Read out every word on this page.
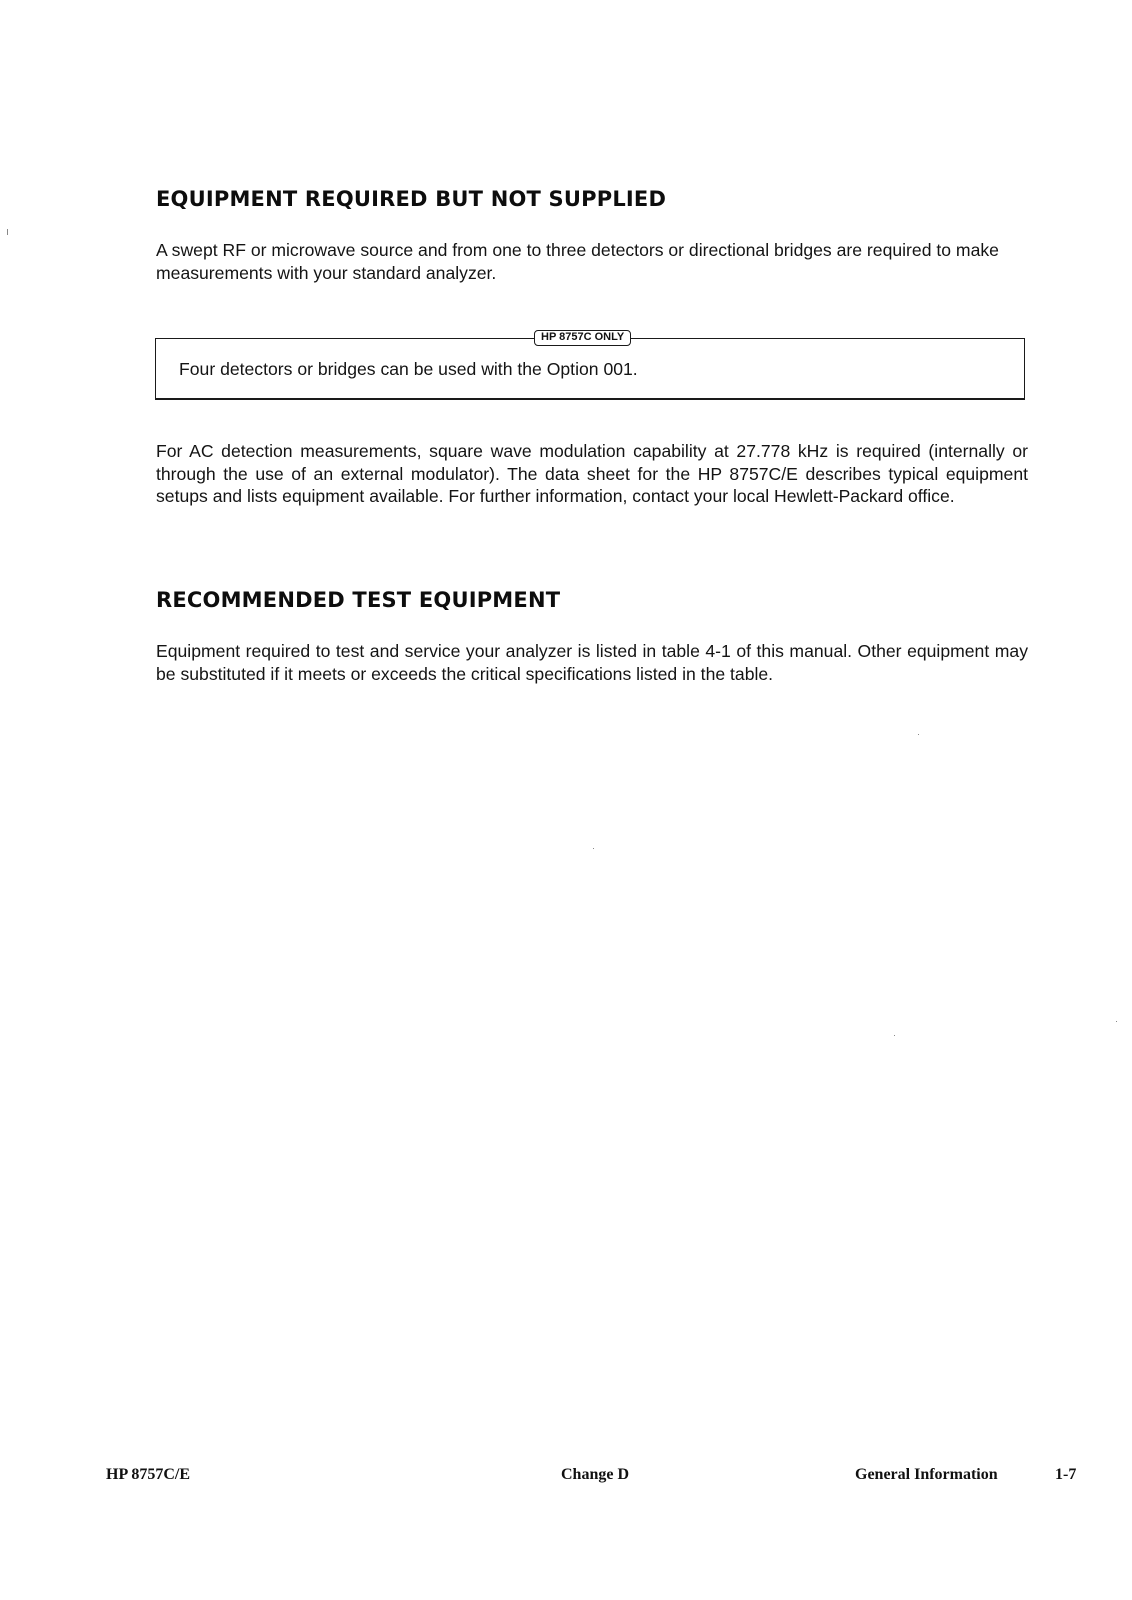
EQUIPMENT REQUIRED BUT NOT SUPPLIED

A swept RF or microwave source and from one to three detectors or directional bridges are required to make measurements with your standard analyzer.

HP 8757C ONLY

Four detectors or bridges can be used with the Option 001.

For AC detection measurements, square wave modulation capability at 27.778 kHz is required (internally or through the use of an external modulator). The data sheet for the HP 8757C/E describes typical equipment setups and lists equipment available. For further information, contact your local Hewlett-Packard office.

RECOMMENDED TEST EQUIPMENT

Equipment required to test and service your analyzer is listed in table 4-1 of this manual. Other equipment may be substituted if it meets or exceeds the critical specifications listed in the table.

HP 8757C/E	Change D	General Information	1-7
